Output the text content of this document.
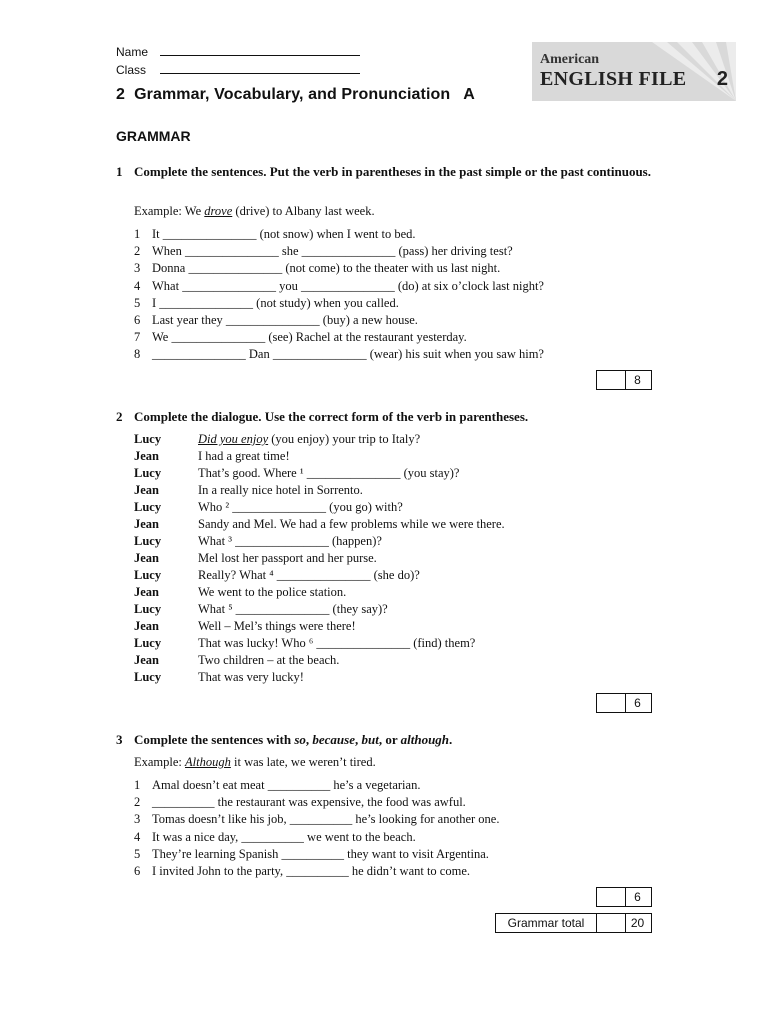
Name
Class
2  Grammar, Vocabulary, and Pronunciation   A
American
ENGLISH FILE 2
GRAMMAR
1 Complete the sentences. Put the verb in parentheses in the past simple or the past continuous.
Example: We drove (drive) to Albany last week.
1 It _______________ (not snow) when I went to bed.
2 When _______________ she _______________ (pass) her driving test?
3 Donna _______________ (not come) to the theater with us last night.
4 What _______________ you _______________ (do) at six o’clock last night?
5 I _______________ (not study) when you called.
6 Last year they _______________ (buy) a new house.
7 We _______________ (see) Rachel at the restaurant yesterday.
8 _______________ Dan _______________ (wear) his suit when you saw him?
8
2 Complete the dialogue. Use the correct form of the verb in parentheses.
Lucy	Did you enjoy (you enjoy) your trip to Italy?
Jean	I had a great time!
Lucy	That’s good. Where ¹ _______________ (you stay)?
Jean	In a really nice hotel in Sorrento.
Lucy	Who ² _______________ (you go) with?
Jean	Sandy and Mel. We had a few problems while we were there.
Lucy	What ³ _______________ (happen)?
Jean	Mel lost her passport and her purse.
Lucy	Really? What ⁴ _______________ (she do)?
Jean	We went to the police station.
Lucy	What ⁵ _______________ (they say)?
Jean	Well – Mel’s things were there!
Lucy	That was lucky! Who ⁶ _______________ (find) them?
Jean	Two children – at the beach.
Lucy	That was very lucky!
6
3 Complete the sentences with so, because, but, or although.
Example: Although it was late, we weren’t tired.
1 Amal doesn’t eat meat __________ he’s a vegetarian.
2 __________ the restaurant was expensive, the food was awful.
3 Tomas doesn’t like his job, __________ he’s looking for another one.
4 It was a nice day, __________ we went to the beach.
5 They’re learning Spanish __________ they want to visit Argentina.
6 I invited John to the party, __________ he didn’t want to come.
6
Grammar total	20
